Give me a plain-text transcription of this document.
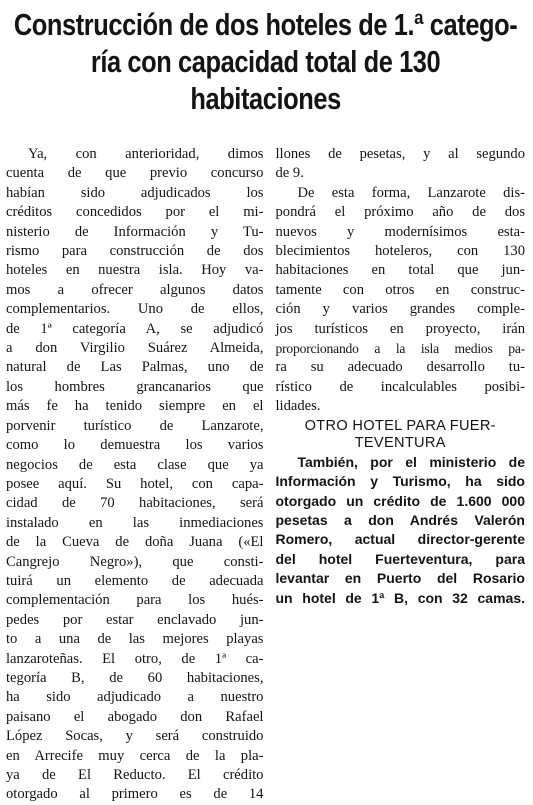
Construcción de dos hoteles de 1.ª catego-
ría con capacidad total de 130
habitaciones
Ya, con anterioridad, dimos
cuenta de que previo concurso
habían sido adjudicados los
créditos concedidos por el mi-
nisterio de Información y Tu-
rismo para construcción de dos
hoteles en nuestra isla. Hoy va-
mos a ofrecer algunos datos
complementarios. Uno de ellos,
de 1ª categoría A, se adjudicó
a don Virgilio Suárez Almeida,
natural de Las Palmas, uno de
los hombres grancanarios que
más fe ha tenido siempre en el
porvenir turístico de Lanzarote,
como lo demuestra los varios
negocios de esta clase que ya
posee aquí. Su hotel, con capa-
cidad de 70 habitaciones, será
instalado en las inmediaciones
de la Cueva de doña Juana («El
Cangrejo Negro»), que consti-
tuirá un elemento de adecuada
complementación para los hués-
pedes por estar enclavado jun-
to a una de las mejores playas
lanzaroteñas. El otro, de 1ª ca-
tegoría B, de 60 habitaciones,
ha sido adjudicado a nuestro
paisano el abogado don Rafael
López Socas, y será construido
en Arrecife muy cerca de la pla-
ya de El Reducto. El crédito
otorgado al primero es de 14
llones de pesetas, y al segundo
de 9.
De esta forma, Lanzarote dis-
pondrá el próximo año de dos
nuevos y modernísimos esta-
blecimientos hoteleros, con 130
habitaciones en total que jun-
tamente con otros en construc-
ción y varios grandes comple-
jos turísticos en proyecto, irán
proporcionando a la isla medios pa-
ra su adecuado desarrollo tu-
rístico de incalculables posibi-
lidades.
OTRO HOTEL PARA FUER-
TEVENTURA
También, por el ministerio de
Información y Turismo, ha sido
otorgado un crédito de 1.600 000
pesetas a don Andrés Valerón
Romero, actual director-gerente
del hotel Fuerteventura, para
levantar en Puerto del Rosario
un hotel de 1ª B, con 32 camas.
